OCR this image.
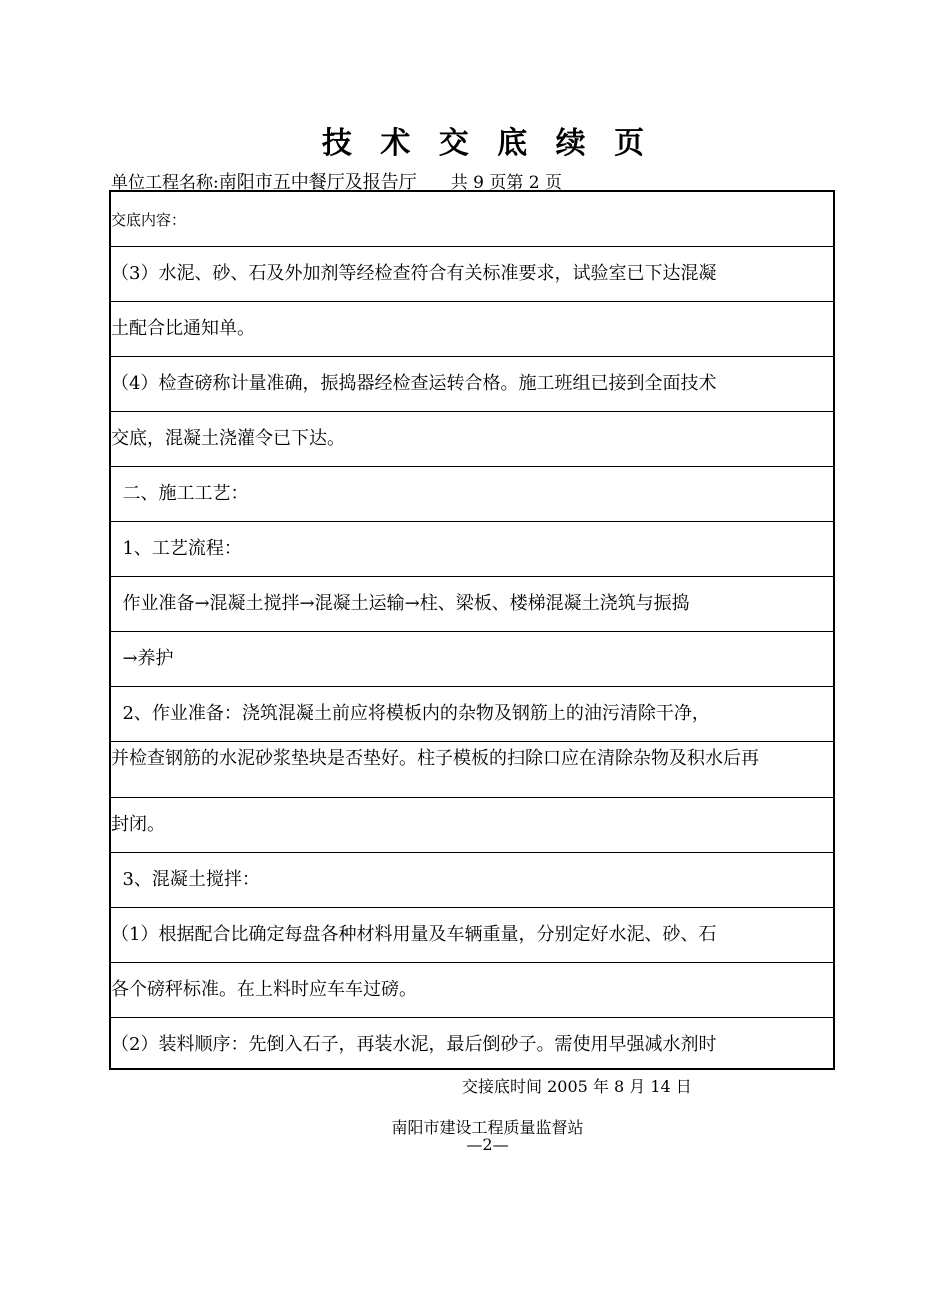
技 术 交 底 续 页
单位工程名称:南阳市五中餐厅及报告厅 共 9 页第 2 页
交底内容：
（3）水泥、砂、石及外加剂等经检查符合有关标准要求，试验室已下达混凝
土配合比通知单。
（4）检查磅称计量准确，振捣器经检查运转合格。施工班组已接到全面技术
交底，混凝土浇灌令已下达。
二、施工工艺：
1、工艺流程：
作业准备→混凝土搅拌→混凝土运输→柱、梁板、楼梯混凝土浇筑与振捣
→养护
2、作业准备：浇筑混凝土前应将模板内的杂物及钢筋上的油污清除干净，
并检查钢筋的水泥砂浆垫块是否垫好。柱子模板的扫除口应在清除杂物及积水后再
封闭。
3、混凝土搅拌：
（1）根据配合比确定每盘各种材料用量及车辆重量，分别定好水泥、砂、石
各个磅秤标准。在上料时应车车过磅。
（2）装料顺序：先倒入石子，再装水泥，最后倒砂子。需使用早强减水剂时
交接底时间 2005 年 8 月 14 日
南阳市建设工程质量监督站
—2—
